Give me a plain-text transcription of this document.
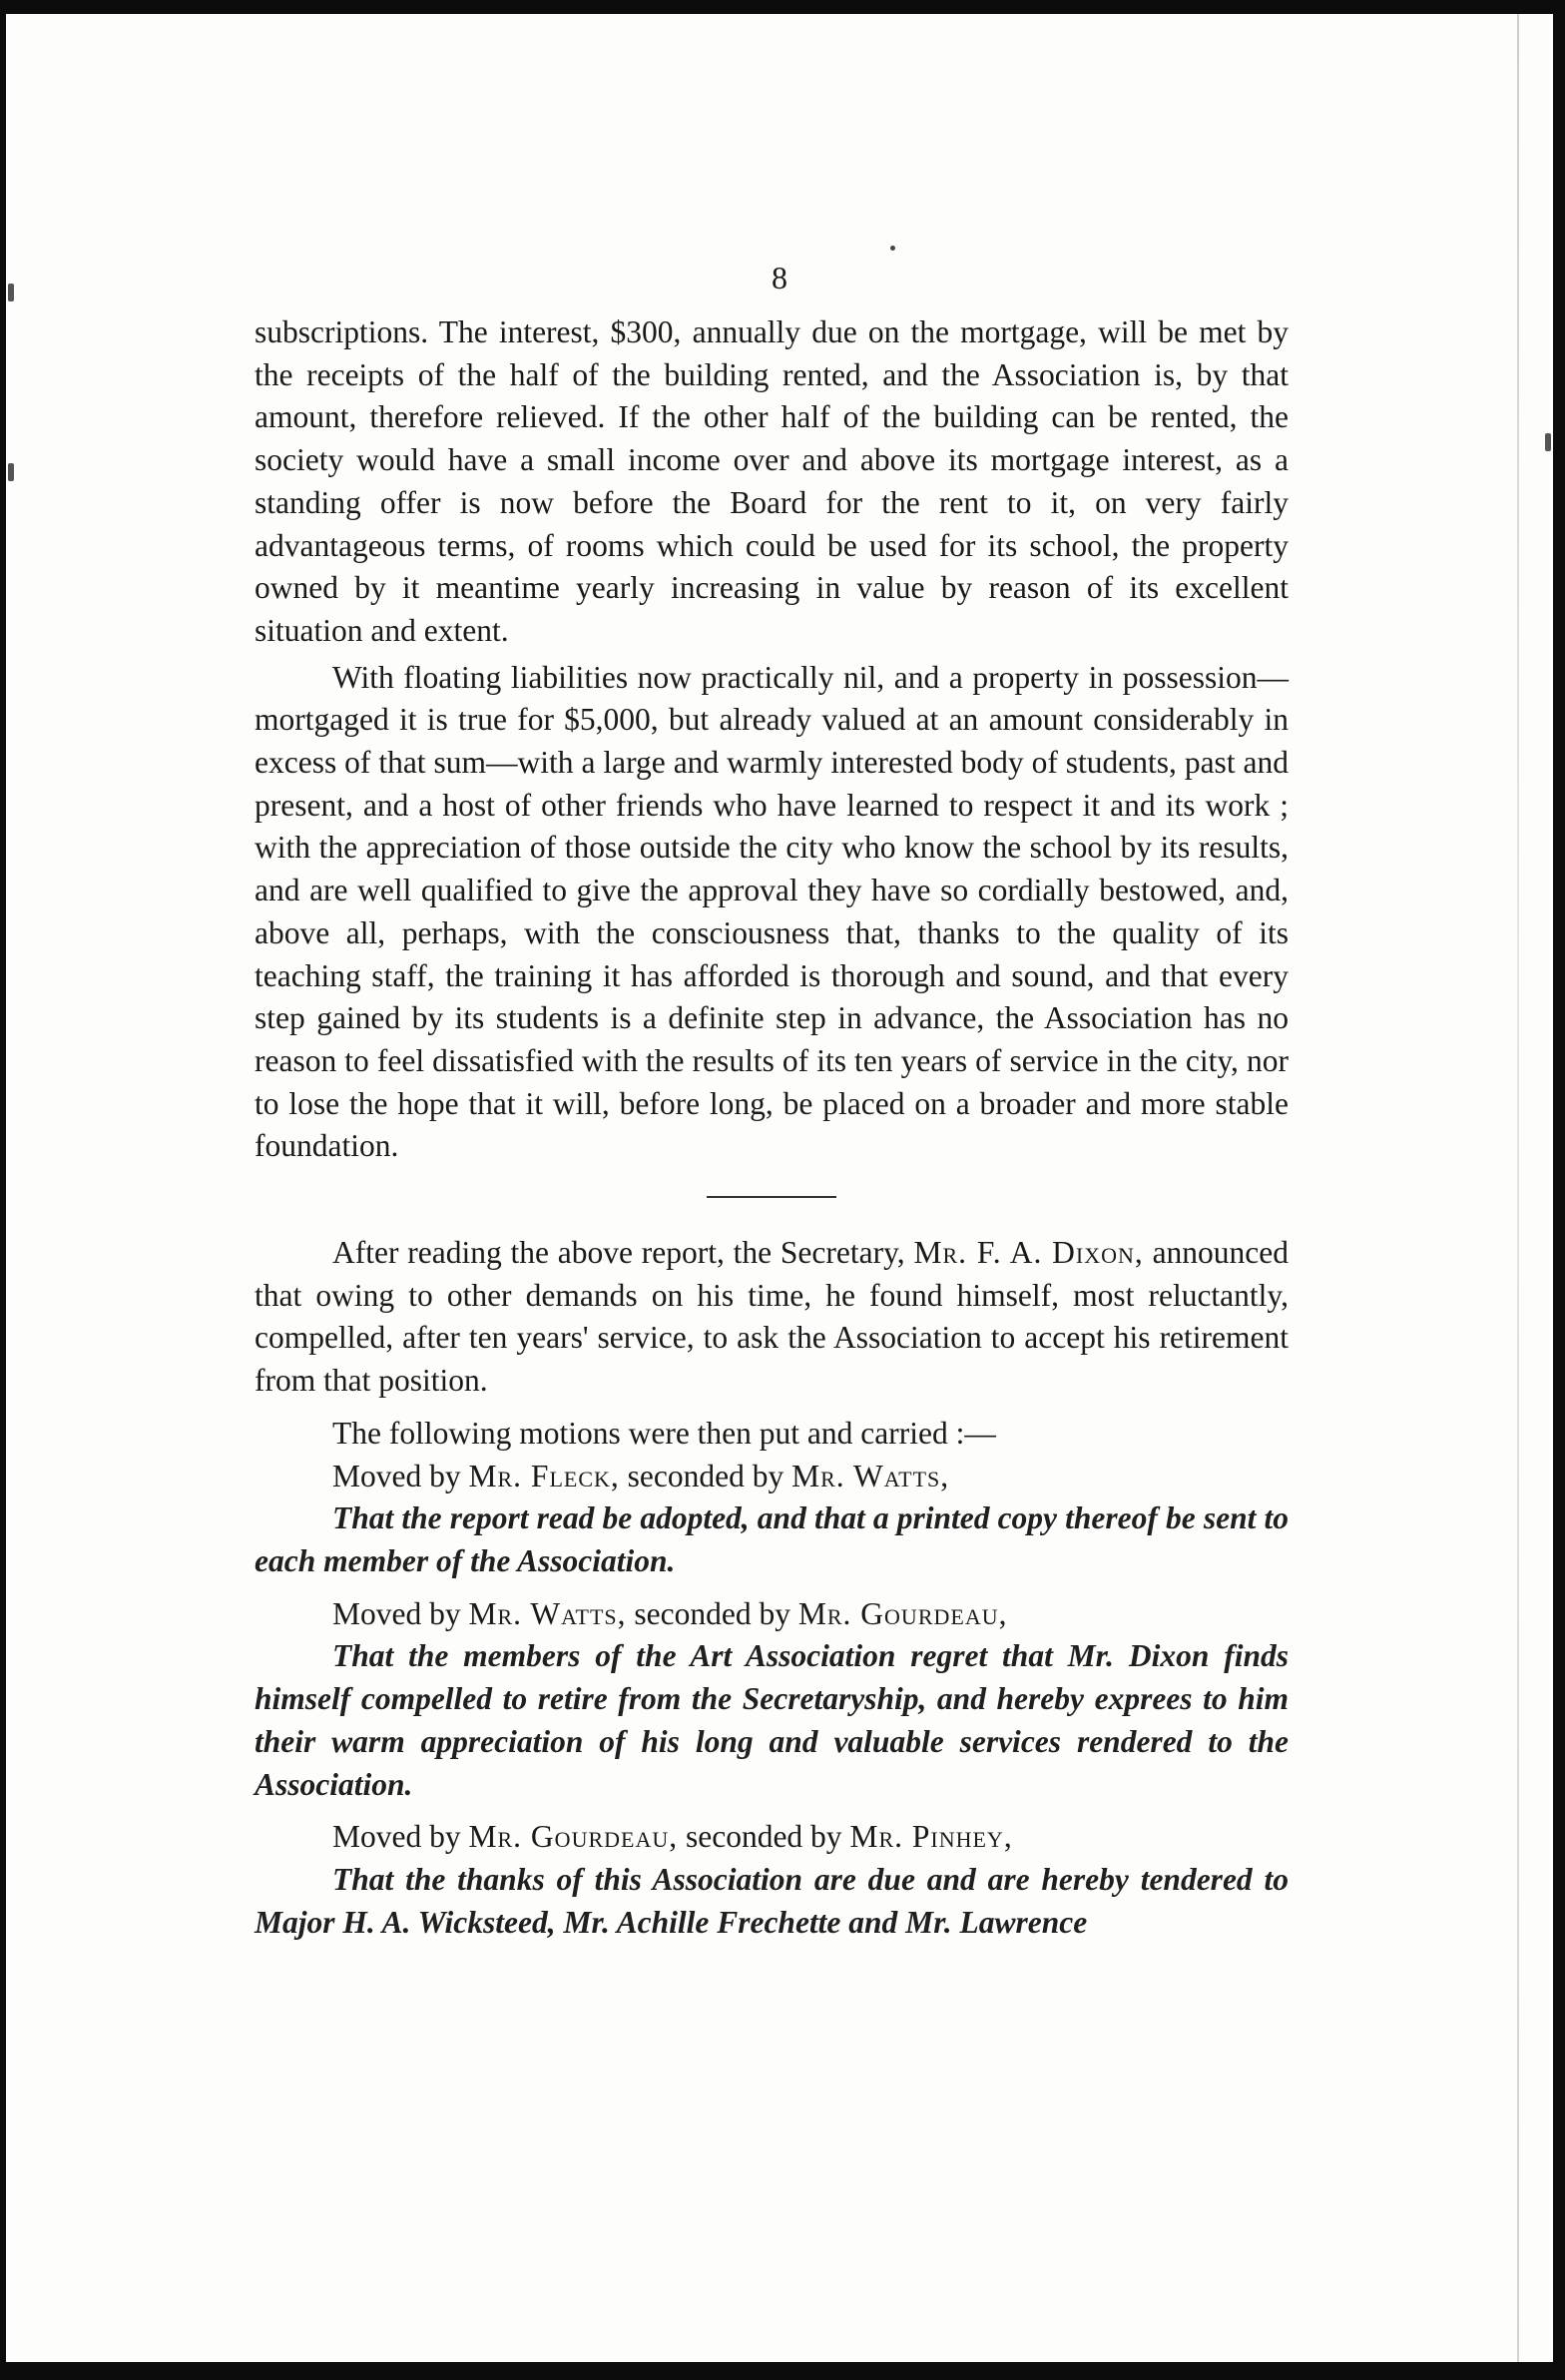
8

subscriptions. The interest, $300, annually due on the mortgage, will be met by the receipts of the half of the building rented, and the Association is, by that amount, therefore relieved. If the other half of the building can be rented, the society would have a small income over and above its mortgage interest, as a standing offer is now before the Board for the rent to it, on very fairly advantageous terms, of rooms which could be used for its school, the property owned by it meantime yearly increasing in value by reason of its excellent situation and extent.

With floating liabilities now practically nil, and a property in possession—mortgaged it is true for $5,000, but already valued at an amount considerably in excess of that sum—with a large and warmly interested body of students, past and present, and a host of other friends who have learned to respect it and its work ; with the appreciation of those outside the city who know the school by its results, and are well qualified to give the approval they have so cordially bestowed, and, above all, perhaps, with the consciousness that, thanks to the quality of its teaching staff, the training it has afforded is thorough and sound, and that every step gained by its students is a definite step in advance, the Association has no reason to feel dissatisfied with the results of its ten years of service in the city, nor to lose the hope that it will, before long, be placed on a broader and more stable foundation.

After reading the above report, the Secretary, Mr. F. A. Dixon, announced that owing to other demands on his time, he found himself, most reluctantly, compelled, after ten years' service, to ask the Association to accept his retirement from that position.

The following motions were then put and carried :—

Moved by Mr. Fleck, seconded by Mr. Watts,

That the report read be adopted, and that a printed copy thereof be sent to each member of the Association.

Moved by Mr. Watts, seconded by Mr. Gourdeau,

That the members of the Art Association regret that Mr. Dixon finds himself compelled to retire from the Secretaryship, and hereby exprees to him their warm appreciation of his long and valuable services rendered to the Association.

Moved by Mr. Gourdeau, seconded by Mr. Pinhey,

That the thanks of this Association are due and are hereby tendered to Major H. A. Wicksteed, Mr. Achille Frechette and Mr. Lawrence
